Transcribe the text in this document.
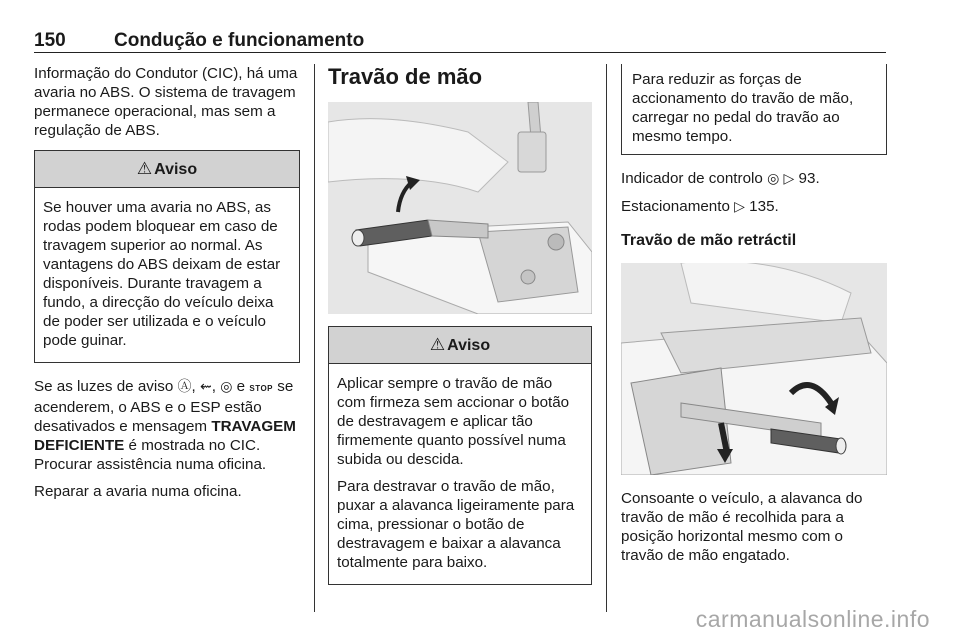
150	Condução e funcionamento

Informação do Condutor (CIC), há uma avaria no ABS. O sistema de travagem permanece operacional, mas sem a regulação de ABS.

⚠ Aviso

Se houver uma avaria no ABS, as rodas podem bloquear em caso de travagem superior ao normal. As vantagens do ABS deixam de estar disponíveis. Durante travagem a fundo, a direcção do veículo deixa de poder ser utilizada e o veículo pode guinar.

Se as luzes de aviso Ⓐ, ⇜, ◎ e STOP se acenderem, o ABS e o ESP estão desativados e mensagem TRAVAGEM DEFICIENTE é mostrada no CIC. Procurar assistência numa oficina.

Reparar a avaria numa oficina.

Travão de mão
⚠ Aviso

Aplicar sempre o travão de mão com firmeza sem accionar o botão de destravagem e aplicar tão firmemente quanto possível numa subida ou descida.

Para destravar o travão de mão, puxar a alavanca ligeiramente para cima, pressionar o botão de destravagem e baixar a alavanca totalmente para baixo.

Para reduzir as forças de accionamento do travão de mão, carregar no pedal do travão ao mesmo tempo.

Indicador de controlo ◎ ▷ 93.

Estacionamento ▷ 135.

Travão de mão retráctil

Consoante o veículo, a alavanca do travão de mão é recolhida para a posição horizontal mesmo com o travão de mão engatado.

carmanualsonline.info
